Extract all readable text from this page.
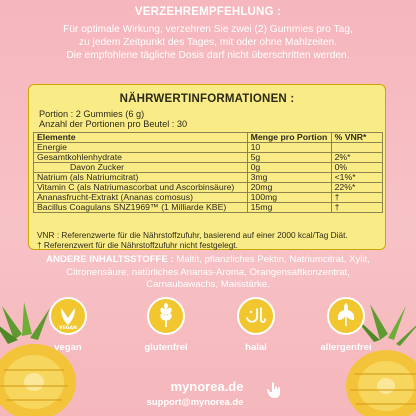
VERZEHREMPFEHLUNG :
Für optimale Wirkung, verzehren Sie zwei (2) Gummies pro Tag,
zu jedem Zeitpunkt des Tages, mit oder ohne Mahlzeiten.
Die empfohlene tägliche Dosis darf nicht überschritten werden.
NÄHRWERTINFORMATIONEN :
Portion : 2 Gummies (6 g)
Anzahl der Portionen pro Beutel : 30
Elemente	Menge pro Portion	% VNR*
Energie	10	
Gesamtkohlenhydrate	5g	2%*
Davon Zucker	0g	0%
Natrium (als Natriumcitrat)	3mg	<1%*
Vitamin C (als Natriumascorbat und Ascorbinsäure)	20mg	22%*
Ananasfrucht-Extrakt (Ananas comosus)	100mg	†
Bacillus Coagulans SNZ1969™ (1 Milliarde KBE)	15mg	†
VNR : Referenzwerte für die Nährstoffzufuhr, basierend auf einer 2000 kcal/Tag Diät.
† Referenzwert für die Nährstoffzufuhr nicht festgelegt.
ANDERE INHALTSSTOFFE : Maltit, pflanzliches Pektin, Natriumcitrat, Xylit,
Citronensäure, natürliches Ananas-Aroma, Orangensaftkonzentrat,
Carnaubawachs, Maisstärke.
VEGAN
vegan	glutenfrei	halal	allergenfrei
mynorea.de
support@mynorea.de
